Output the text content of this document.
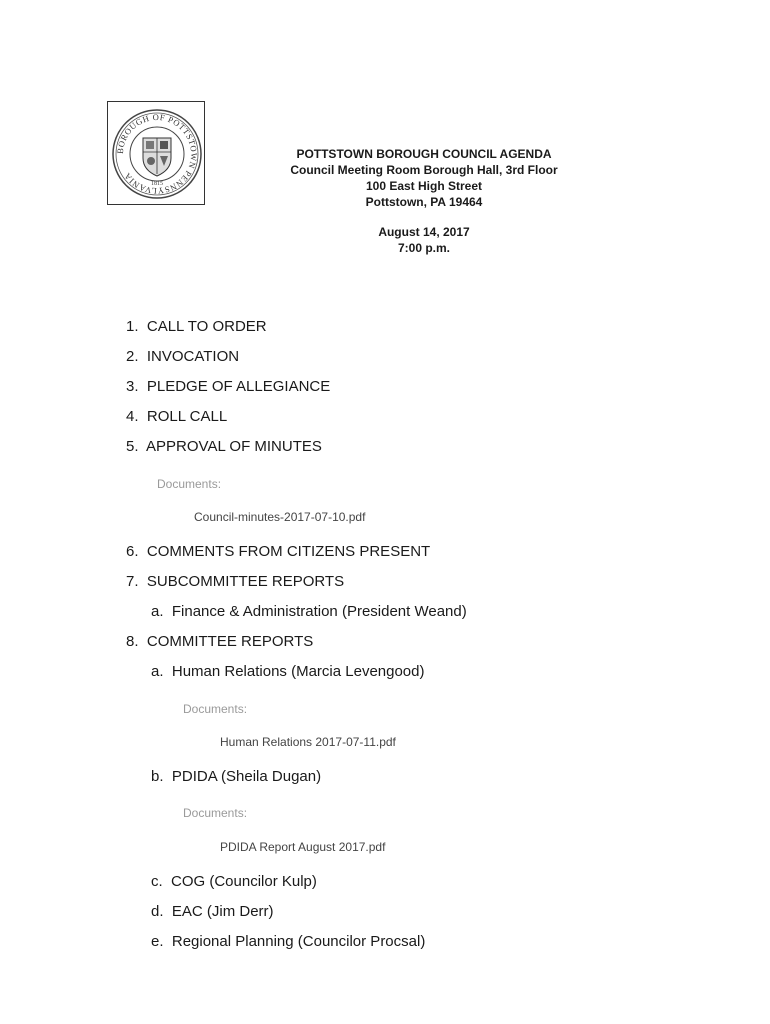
BOROUGH OF POTTSTOWN PENNSYLVANIA
1815
POTTSTOWN BOROUGH COUNCIL AGENDA
Council Meeting Room Borough Hall, 3rd Floor
100 East High Street
Pottstown, PA 19464
August 14, 2017
7:00 p.m.
1. CALL TO ORDER
2. INVOCATION
3. PLEDGE OF ALLEGIANCE
4. ROLL CALL
5. APPROVAL OF MINUTES
Documents:
Council-minutes-2017-07-10.pdf
6. COMMENTS FROM CITIZENS PRESENT
7. SUBCOMMITTEE REPORTS
a. Finance & Administration (President Weand)
8. COMMITTEE REPORTS
a. Human Relations (Marcia Levengood)
Documents:
Human Relations 2017-07-11.pdf
b. PDIDA (Sheila Dugan)
Documents:
PDIDA Report August 2017.pdf
c. COG (Councilor Kulp)
d. EAC (Jim Derr)
e. Regional Planning (Councilor Procsal)
